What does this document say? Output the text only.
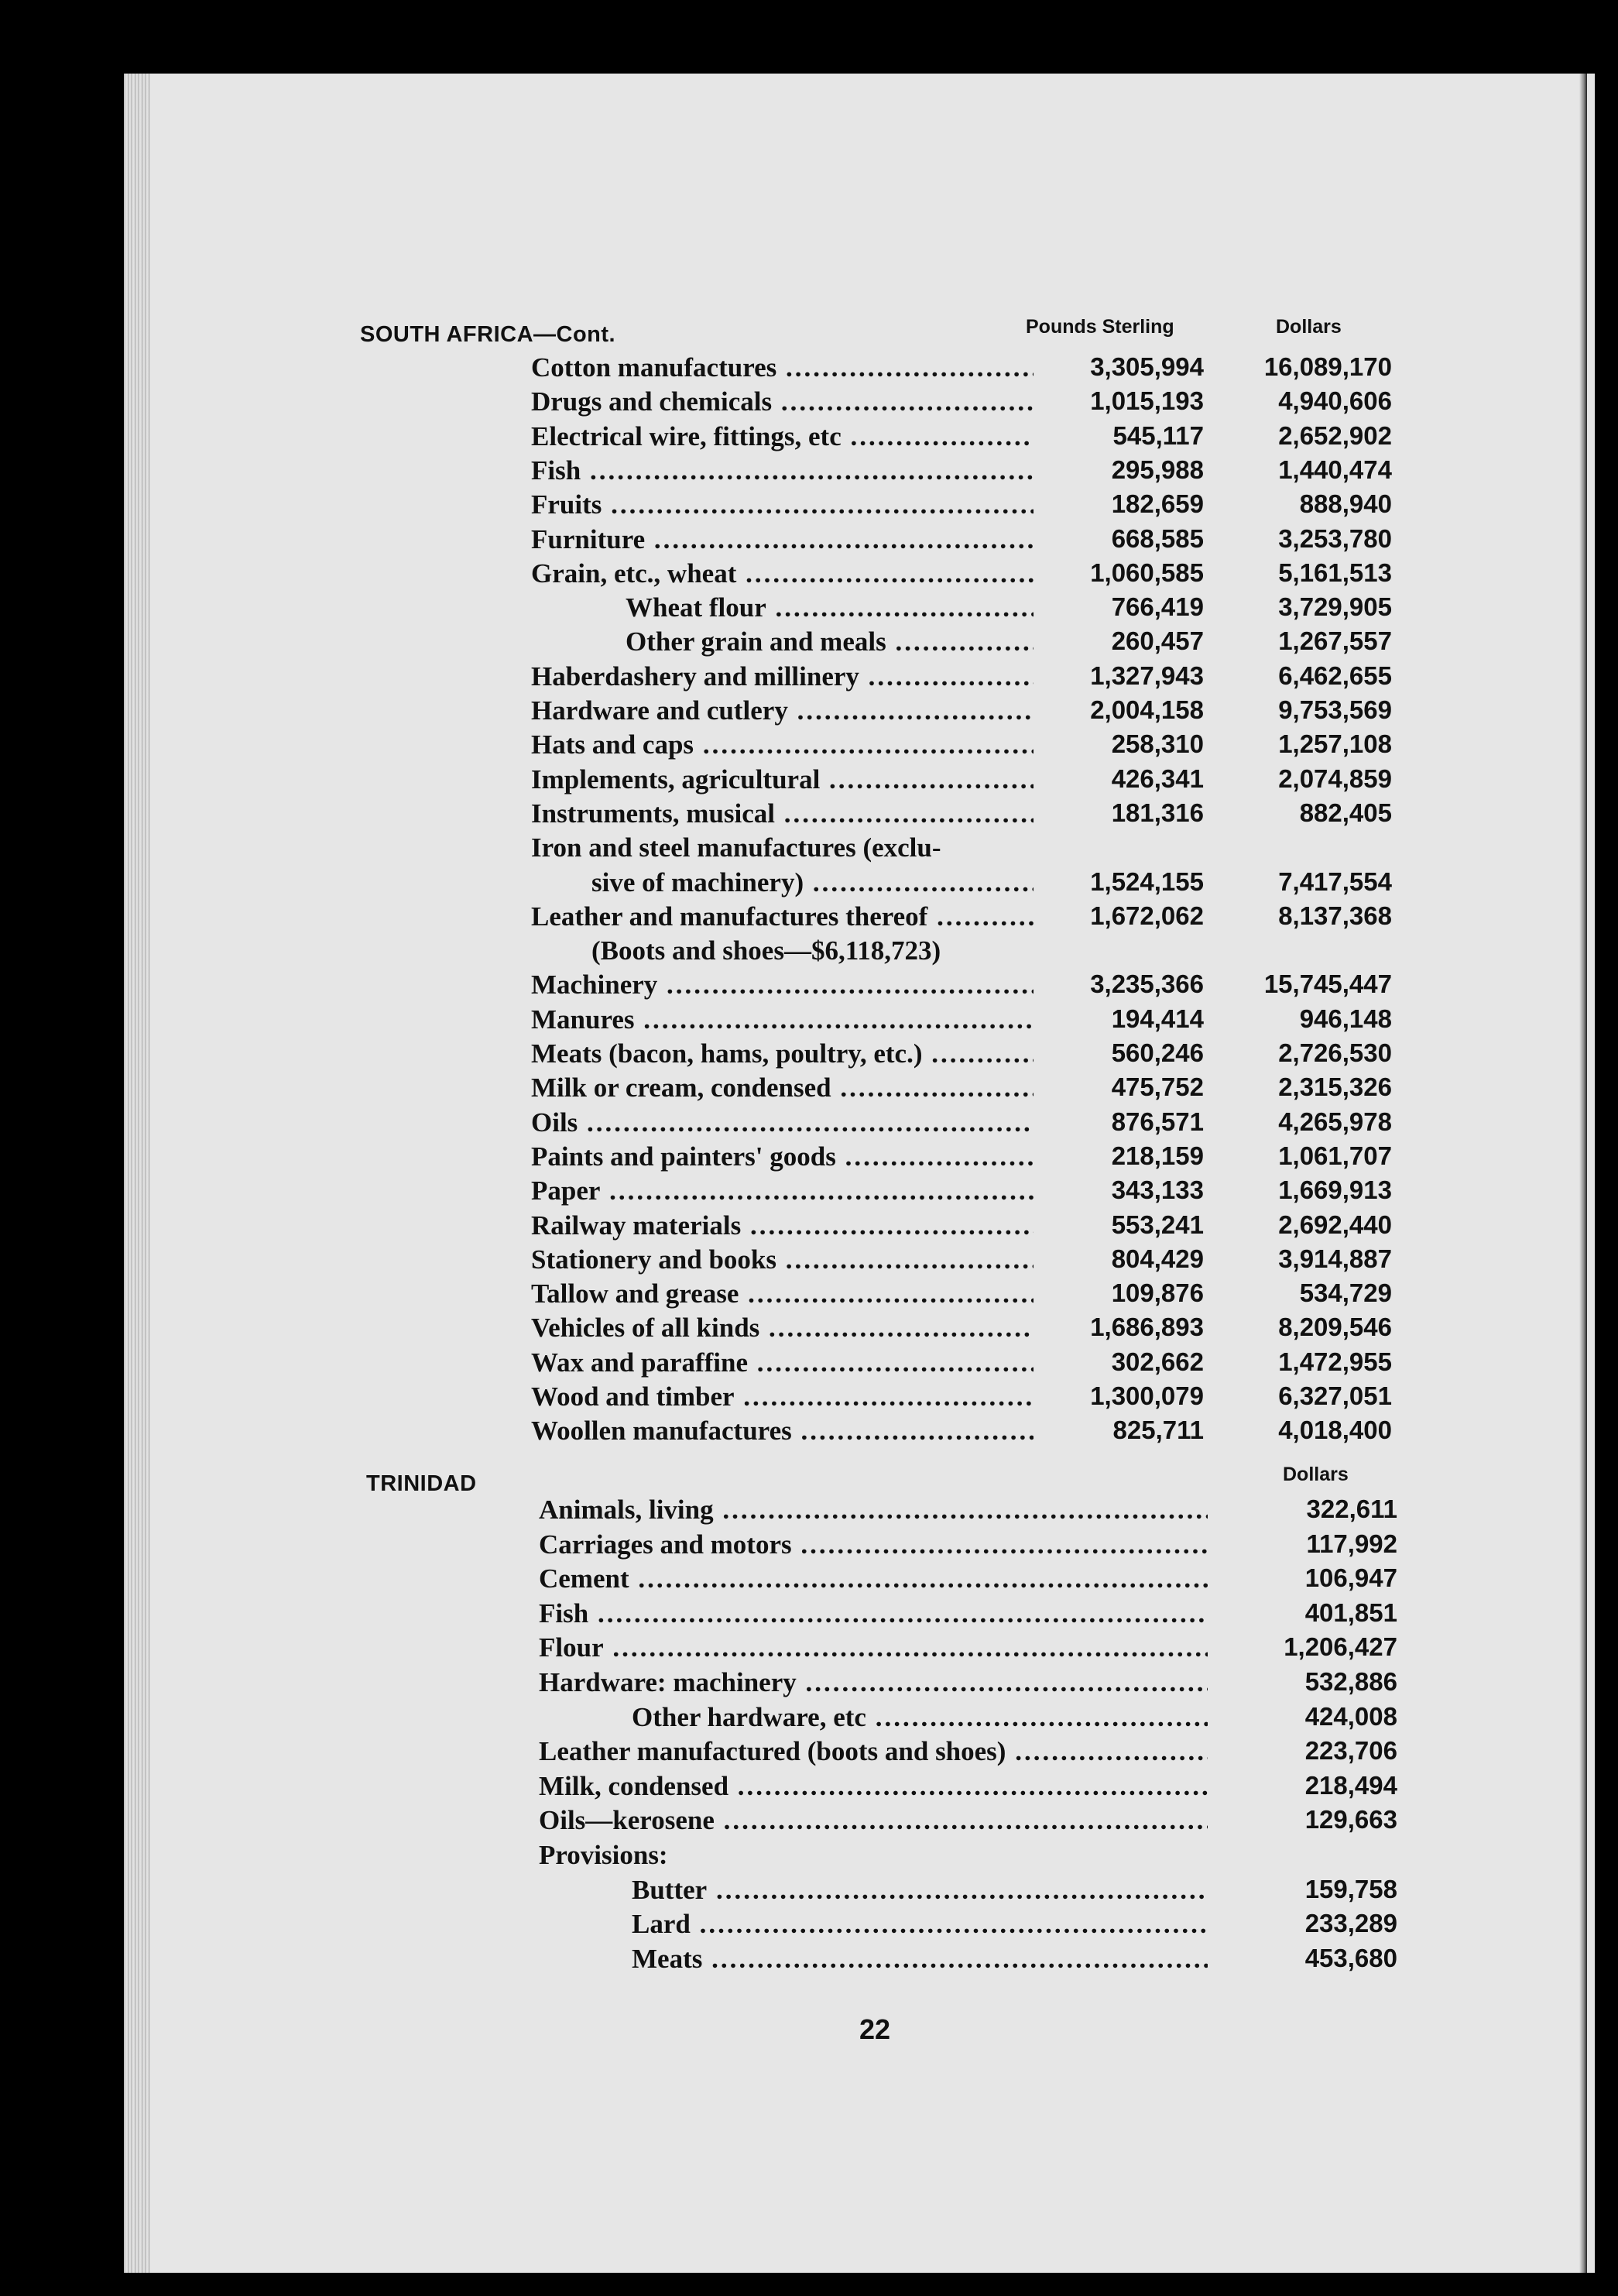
SOUTH AFRICA—Cont.	Pounds Sterling	Dollars
Cotton manufactures .....	3,305,994	16,089,170
Drugs and chemicals .....	1,015,193	4,940,606
Electrical wire, fittings, etc .....	545,117	2,652,902
Fish .....	295,988	1,440,474
Fruits .....	182,659	888,940
Furniture .....	668,585	3,253,780
Grain, etc., wheat .....	1,060,585	5,161,513
Wheat flour .....	766,419	3,729,905
Other grain and meals .....	260,457	1,267,557
Haberdashery and millinery .....	1,327,943	6,462,655
Hardware and cutlery .....	2,004,158	9,753,569
Hats and caps .....	258,310	1,257,108
Implements, agricultural .....	426,341	2,074,859
Instruments, musical .....	181,316	882,405
Iron and steel manufactures (exclu-
sive of machinery) .....	1,524,155	7,417,554
Leather and manufactures thereof .....	1,672,062	8,137,368
(Boots and shoes—$6,118,723)
Machinery .....	3,235,366	15,745,447
Manures .....	194,414	946,148
Meats (bacon, hams, poultry, etc.) .....	560,246	2,726,530
Milk or cream, condensed .....	475,752	2,315,326
Oils .....	876,571	4,265,978
Paints and painters' goods .....	218,159	1,061,707
Paper .....	343,133	1,669,913
Railway materials .....	553,241	2,692,440
Stationery and books .....	804,429	3,914,887
Tallow and grease .....	109,876	534,729
Vehicles of all kinds .....	1,686,893	8,209,546
Wax and paraffine .....	302,662	1,472,955
Wood and timber .....	1,300,079	6,327,051
Woollen manufactures .....	825,711	4,018,400
TRINIDAD	Dollars
Animals, living .....	322,611
Carriages and motors .....	117,992
Cement .....	106,947
Fish .....	401,851
Flour .....	1,206,427
Hardware: machinery .....	532,886
Other hardware, etc .....	424,008
Leather manufactured (boots and shoes) .....	223,706
Milk, condensed .....	218,494
Oils—kerosene .....	129,663
Provisions:
Butter .....	159,758
Lard .....	233,289
Meats .....	453,680
22
